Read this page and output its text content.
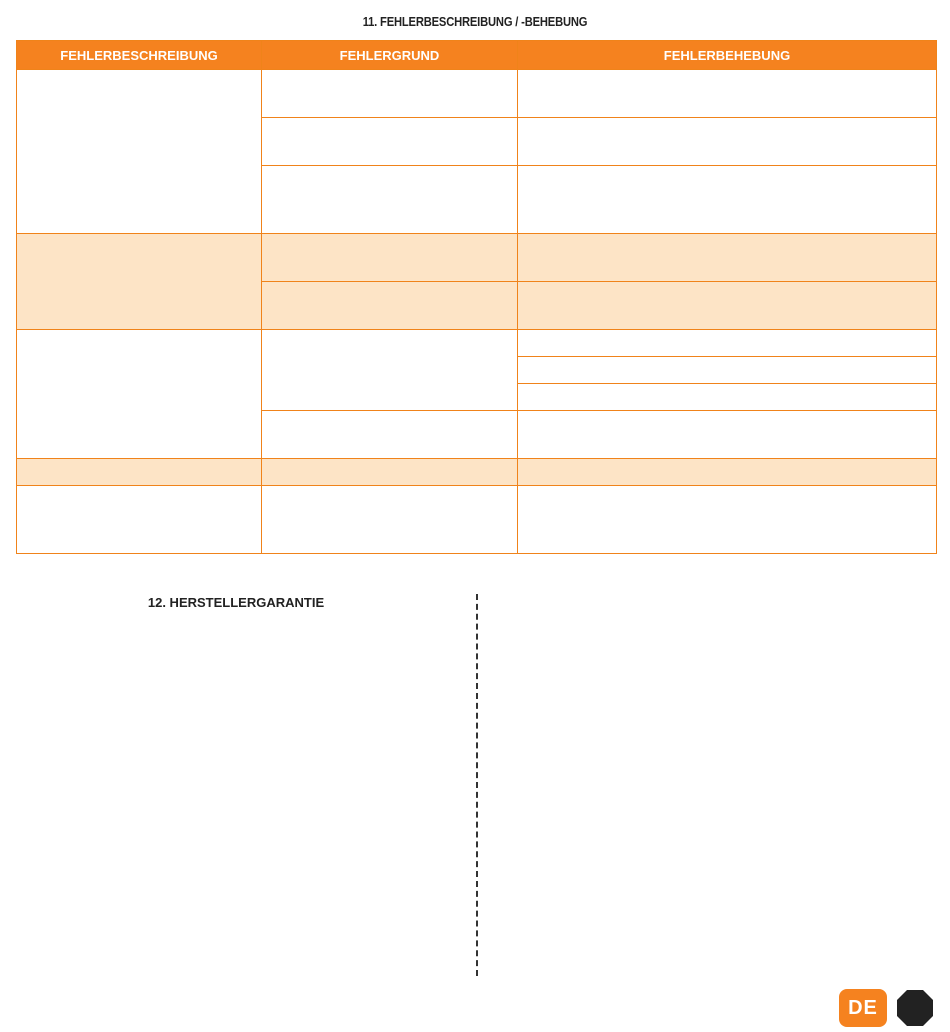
11. FEHLERBESCHREIBUNG / -BEHEBUNG
FEHLERBESCHREIBUNG	FEHLERGRUND	FEHLERBEHEBUNG

12. HERSTELLERGARANTIE
DE
